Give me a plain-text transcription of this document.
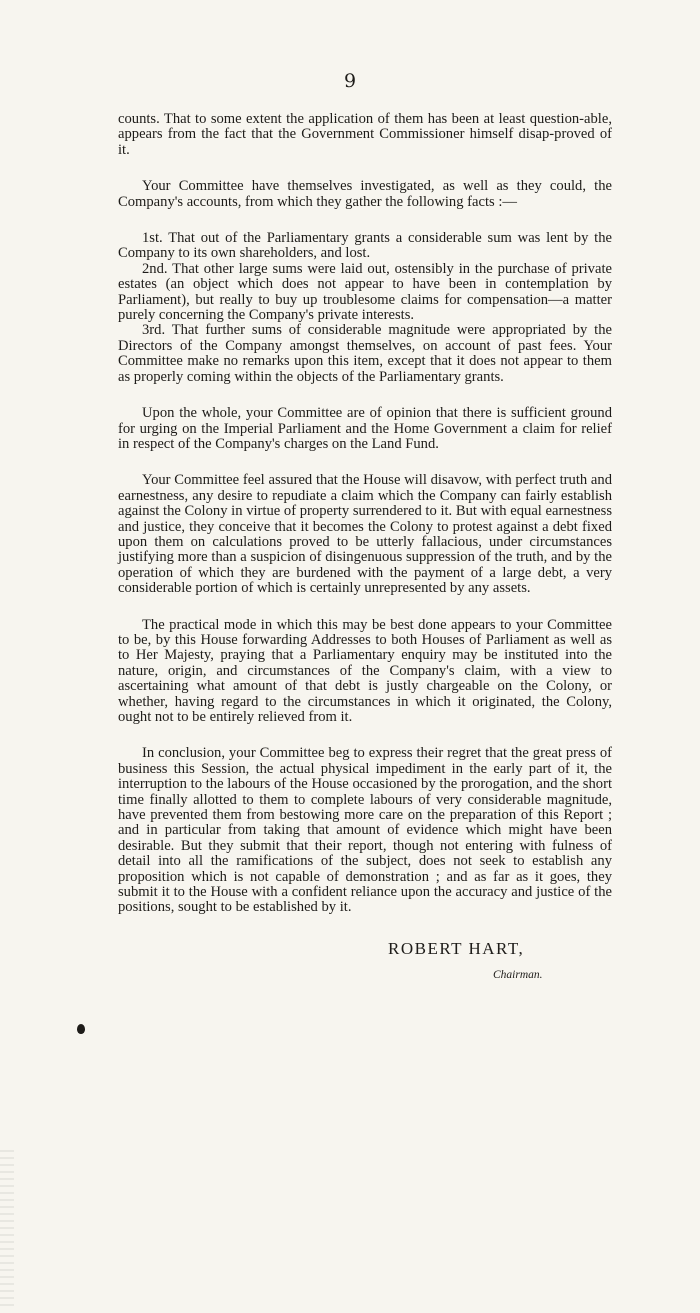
9

counts. That to some extent the application of them has been at least question-able, appears from the fact that the Government Commissioner himself disap-proved of it.

Your Committee have themselves investigated, as well as they could, the Company's accounts, from which they gather the following facts :—

1st. That out of the Parliamentary grants a considerable sum was lent by the Company to its own shareholders, and lost.

2nd. That other large sums were laid out, ostensibly in the purchase of private estates (an object which does not appear to have been in contemplation by Parliament), but really to buy up troublesome claims for compensation—a matter purely concerning the Company's private interests.

3rd. That further sums of considerable magnitude were appropriated by the Directors of the Company amongst themselves, on account of past fees. Your Committee make no remarks upon this item, except that it does not appear to them as properly coming within the objects of the Parliamentary grants.

Upon the whole, your Committee are of opinion that there is sufficient ground for urging on the Imperial Parliament and the Home Government a claim for relief in respect of the Company's charges on the Land Fund.

Your Committee feel assured that the House will disavow, with perfect truth and earnestness, any desire to repudiate a claim which the Company can fairly establish against the Colony in virtue of property surrendered to it. But with equal earnestness and justice, they conceive that it becomes the Colony to protest against a debt fixed upon them on calculations proved to be utterly fallacious, under circumstances justifying more than a suspicion of disingenuous suppression of the truth, and by the operation of which they are burdened with the payment of a large debt, a very considerable portion of which is certainly unrepresented by any assets.

The practical mode in which this may be best done appears to your Committee to be, by this House forwarding Addresses to both Houses of Parliament as well as to Her Majesty, praying that a Parliamentary enquiry may be instituted into the nature, origin, and circumstances of the Company's claim, with a view to ascertaining what amount of that debt is justly chargeable on the Colony, or whether, having regard to the circumstances in which it originated, the Colony, ought not to be entirely relieved from it.

In conclusion, your Committee beg to express their regret that the great press of business this Session, the actual physical impediment in the early part of it, the interruption to the labours of the House occasioned by the prorogation, and the short time finally allotted to them to complete labours of very considerable magnitude, have prevented them from bestowing more care on the preparation of this Report ; and in particular from taking that amount of evidence which might have been desirable. But they submit that their report, though not entering with fulness of detail into all the ramifications of the subject, does not seek to establish any proposition which is not capable of demonstration ; and as far as it goes, they submit it to the House with a confident reliance upon the accuracy and justice of the positions, sought to be established by it.

ROBERT HART,
Chairman.
